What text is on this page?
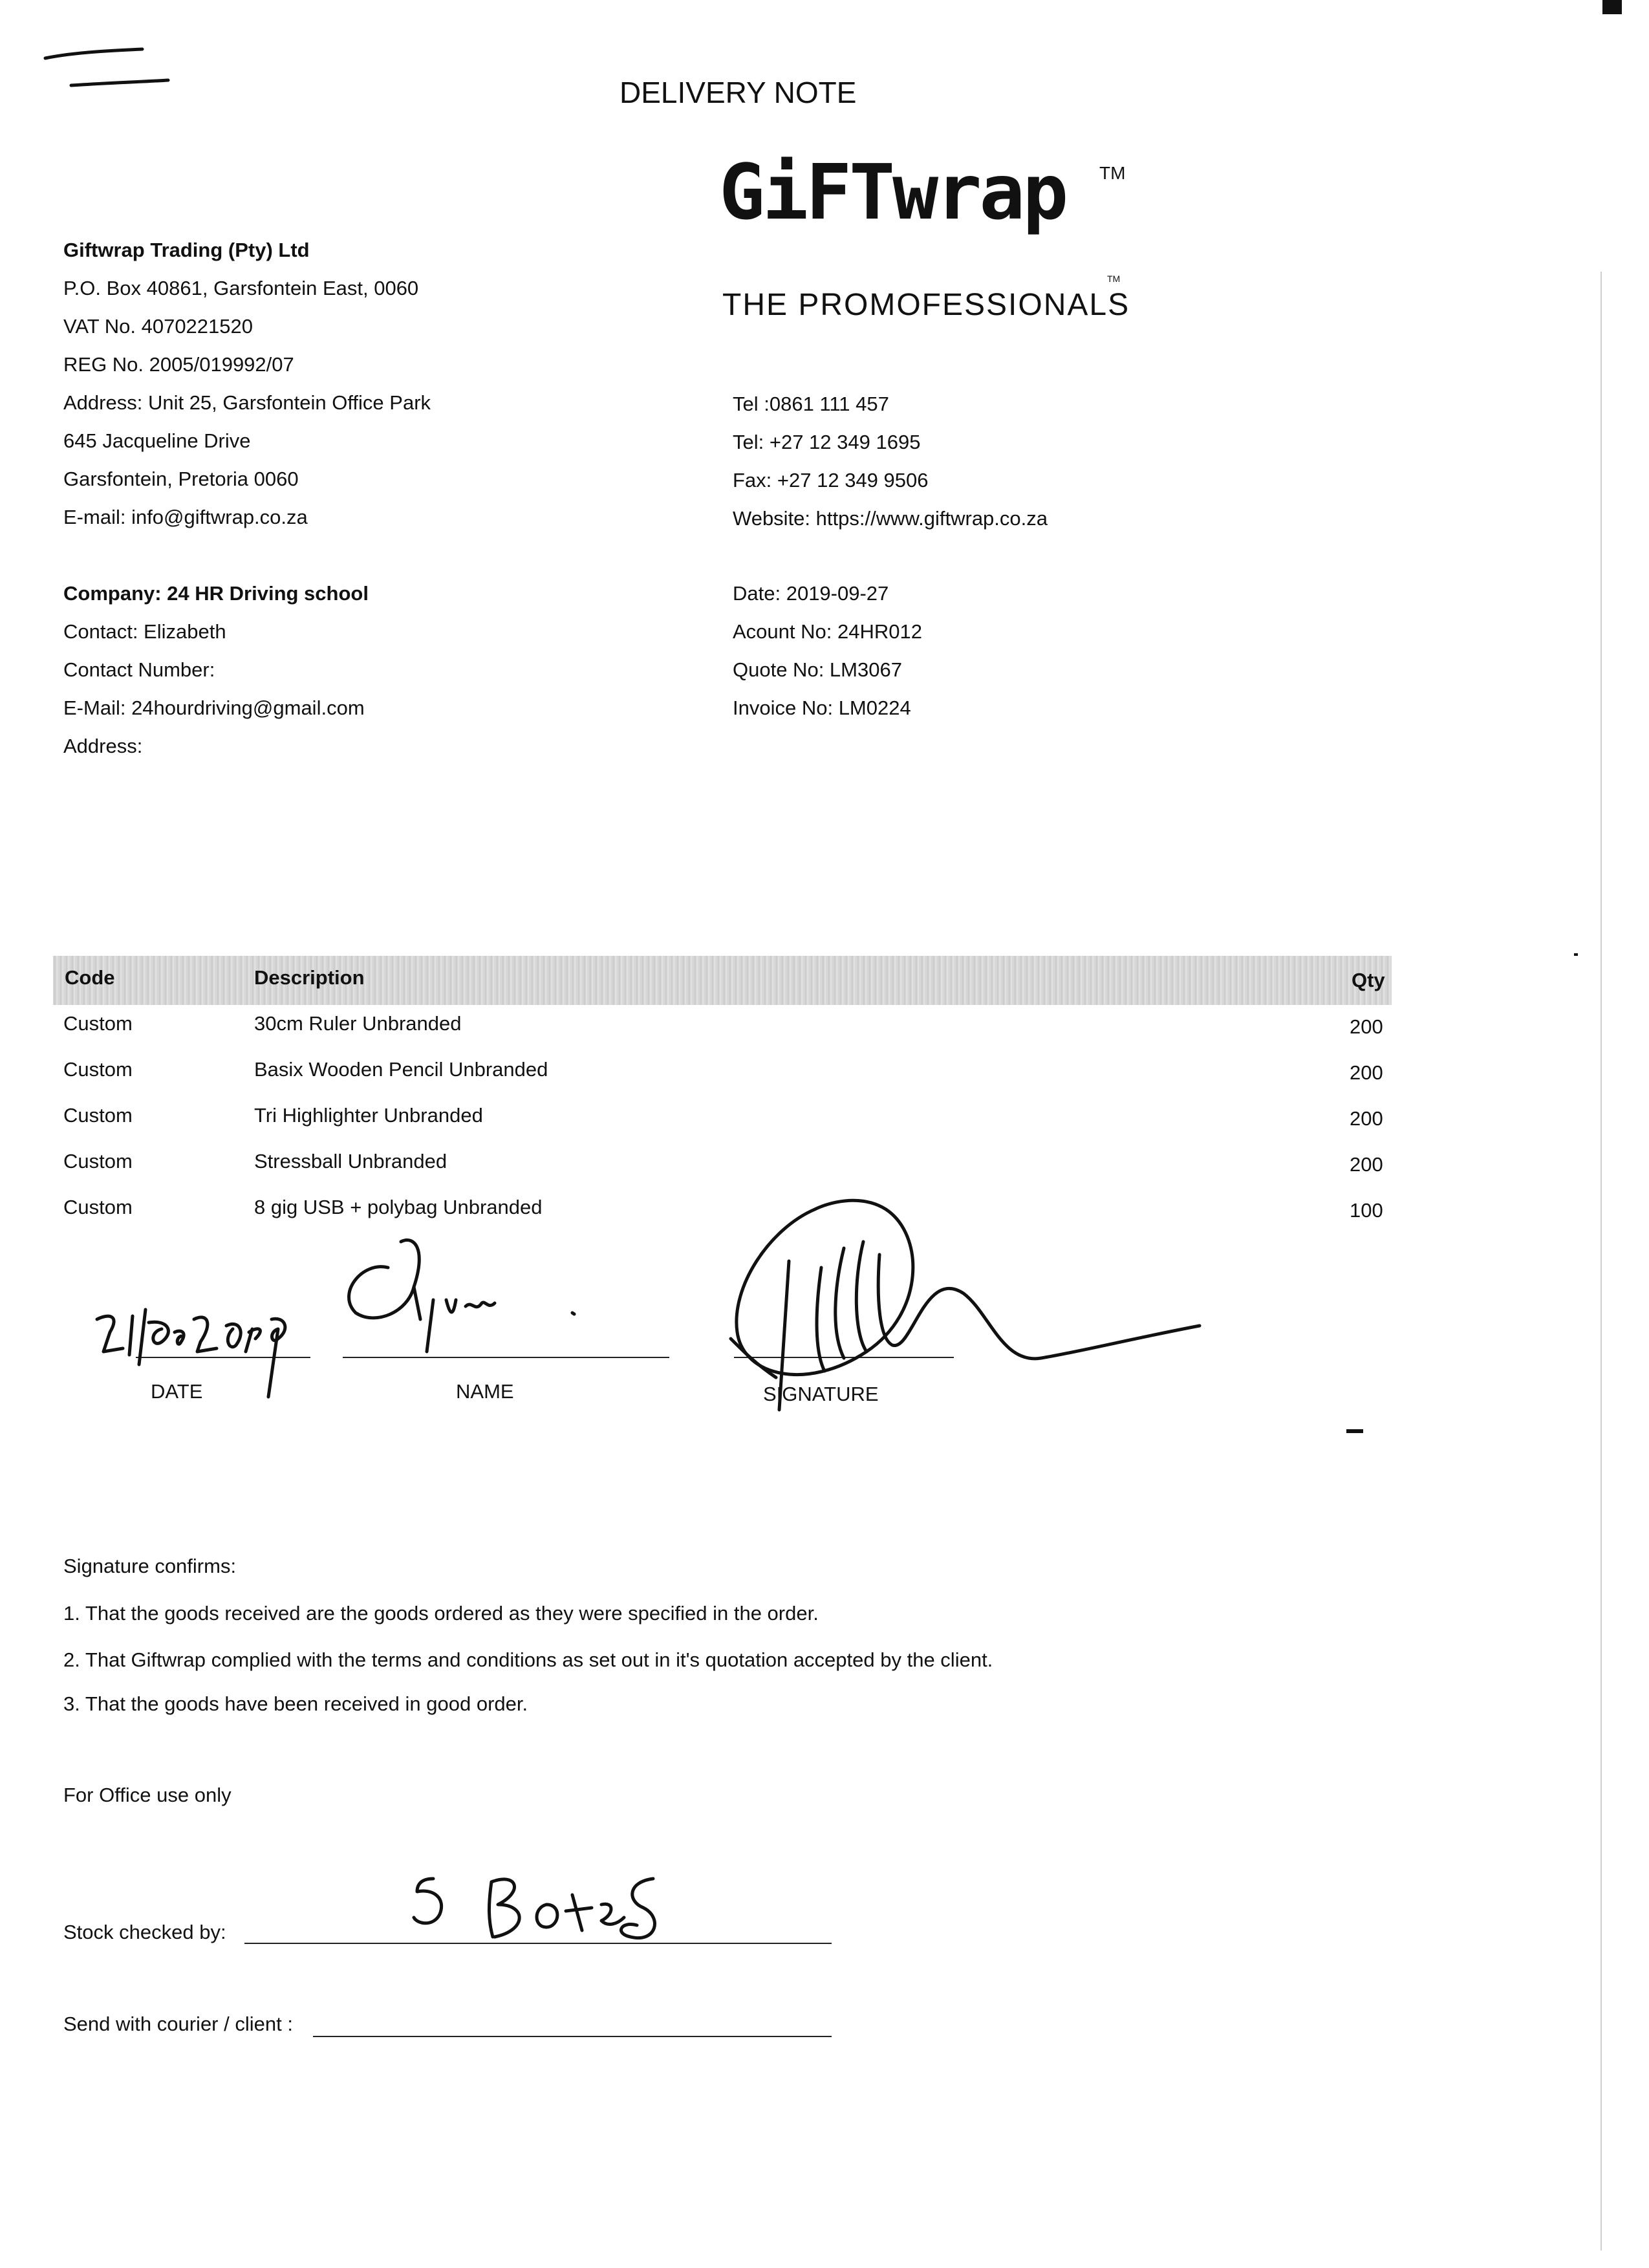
DELIVERY NOTE
GiFTwrap TM
THE PROMOFESSIONALS
TM
Giftwrap Trading (Pty) Ltd
P.O. Box 40861, Garsfontein East, 0060
VAT No. 4070221520
REG No. 2005/019992/07
Address: Unit 25, Garsfontein Office Park
645 Jacqueline Drive
Garsfontein, Pretoria 0060
E-mail: info@giftwrap.co.za
Tel :0861 111 457
Tel: +27 12 349 1695
Fax: +27 12 349 9506
Website: https://www.giftwrap.co.za
Company: 24 HR Driving school
Contact: Elizabeth
Contact Number:
E-Mail: 24hourdriving@gmail.com
Address:
Date: 2019-09-27
Acount No: 24HR012
Quote No: LM3067
Invoice No: LM0224
Code	Description	Qty
Custom	30cm Ruler Unbranded	200
Custom	Basix Wooden Pencil Unbranded	200
Custom	Tri Highlighter Unbranded	200
Custom	Stressball Unbranded	200
Custom	8 gig USB + polybag Unbranded	100
DATE	NAME	SIGNATURE
Signature confirms:
1. That the goods received are the goods ordered as they were specified in the order.
2. That Giftwrap complied with the terms and conditions as set out in it's quotation accepted by the client.
3. That the goods have been received in good order.
For Office use only
Stock checked by:
Send with courier / client :
